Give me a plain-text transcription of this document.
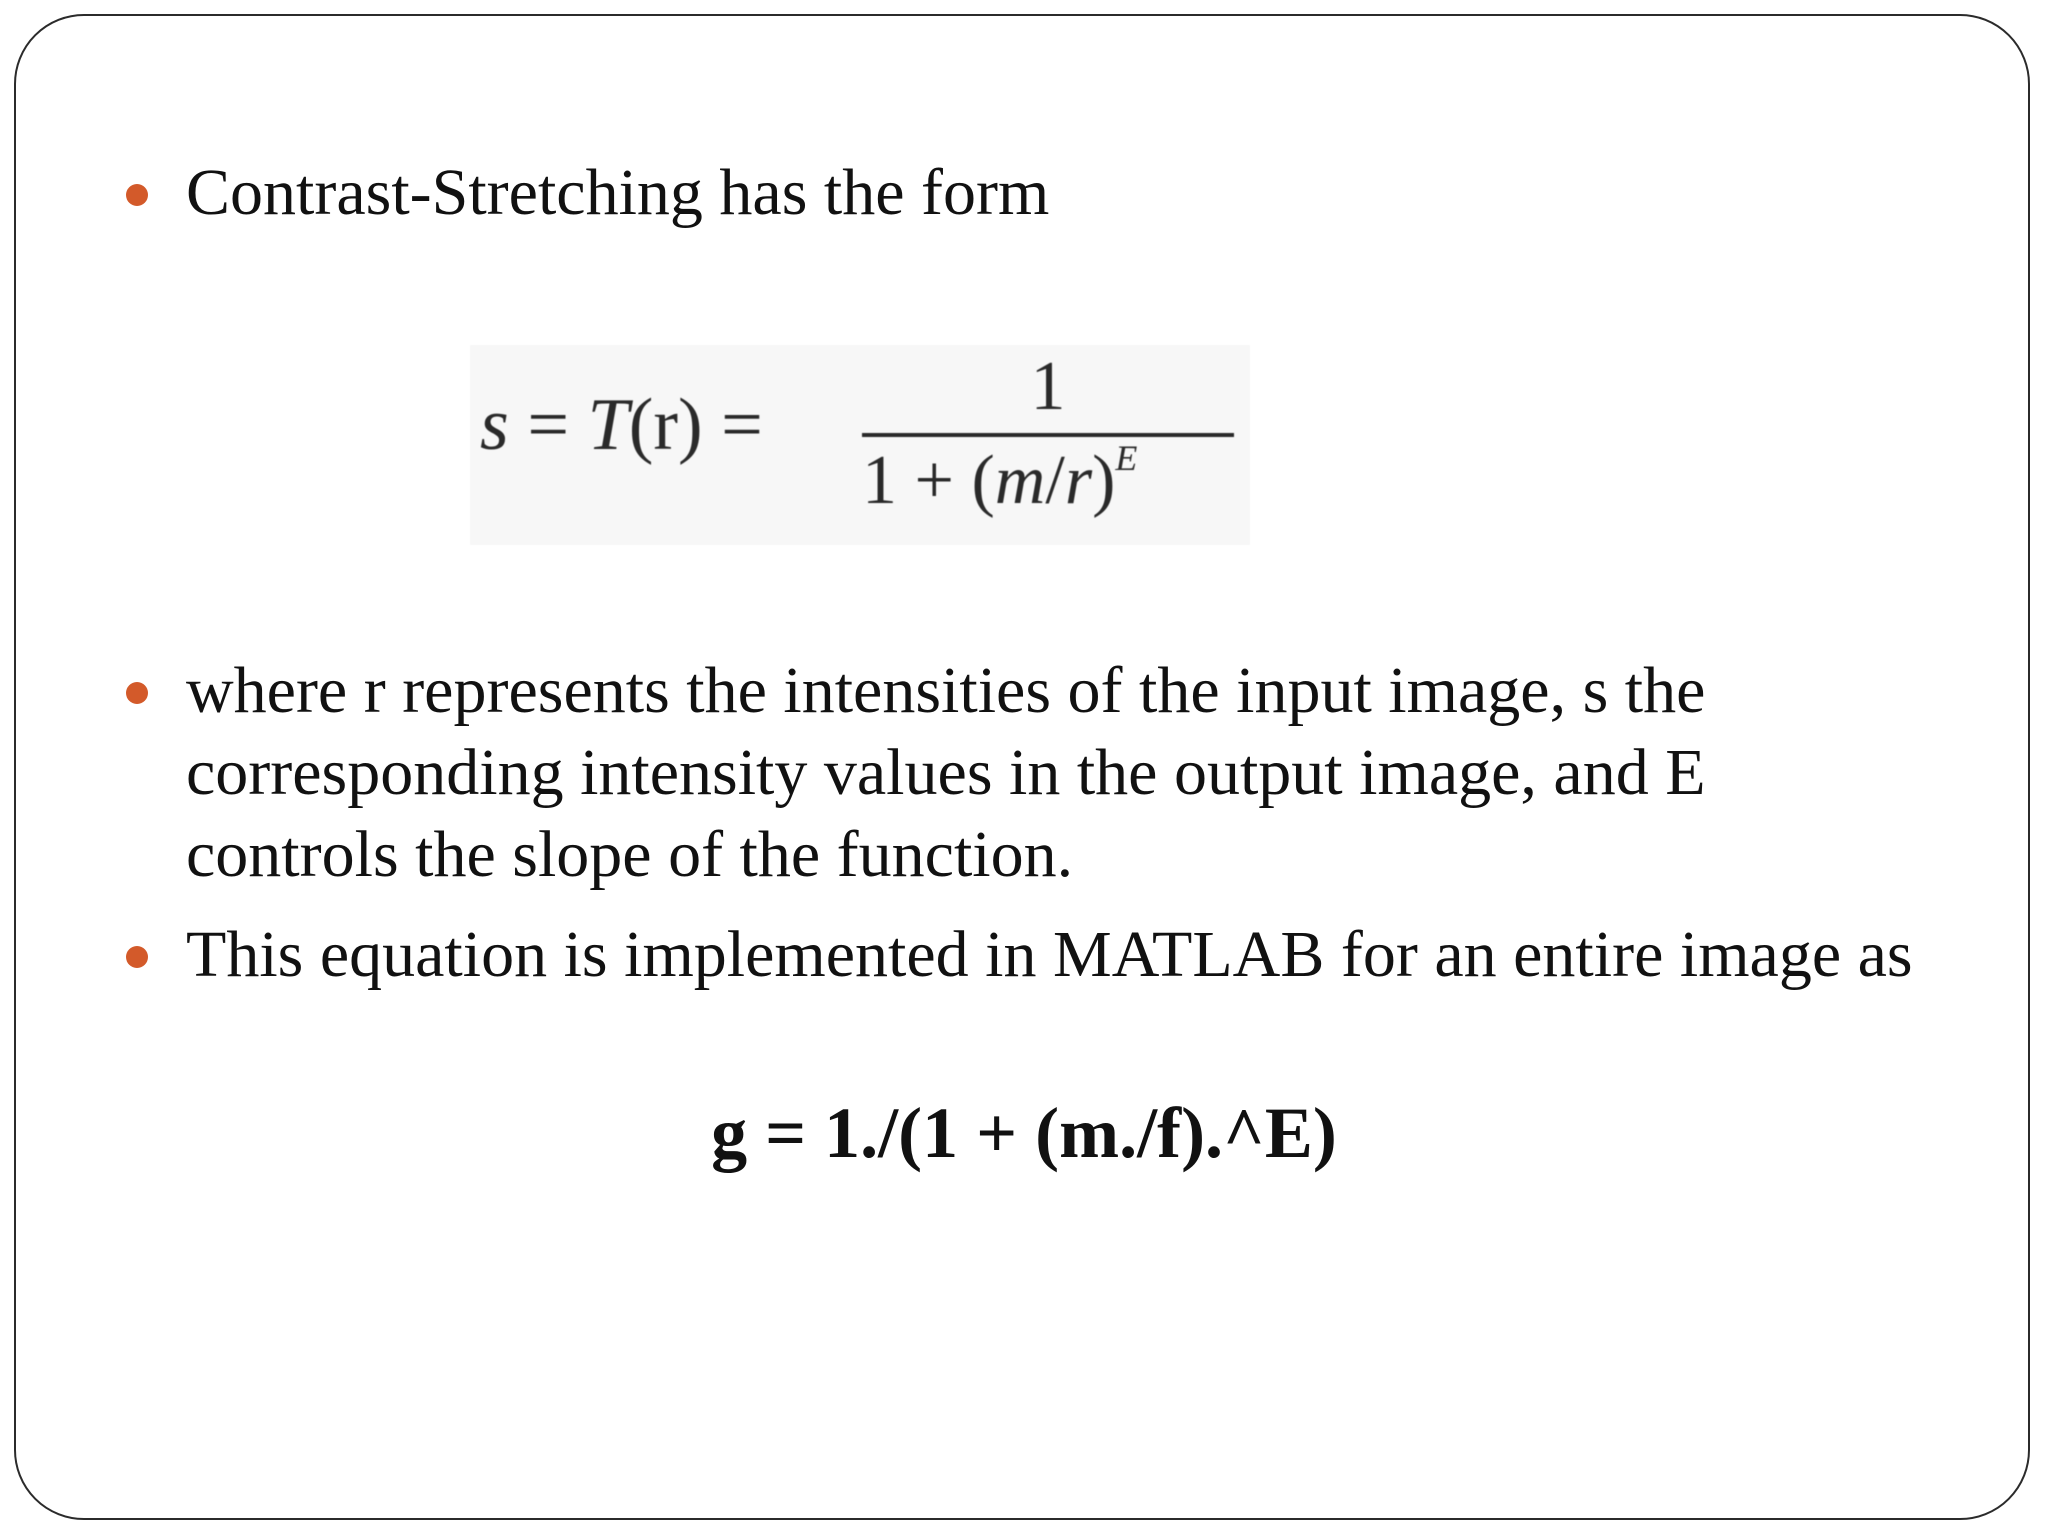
Contrast-Stretching has the form
s = T(r) =	1
$1 + (m/r)^E$
where r represents the intensities of the input image, s the corresponding intensity values in the output image, and E controls the slope of the function.
This equation is implemented in MATLAB for an entire image as
g = 1./(1 + (m./f).^E)
